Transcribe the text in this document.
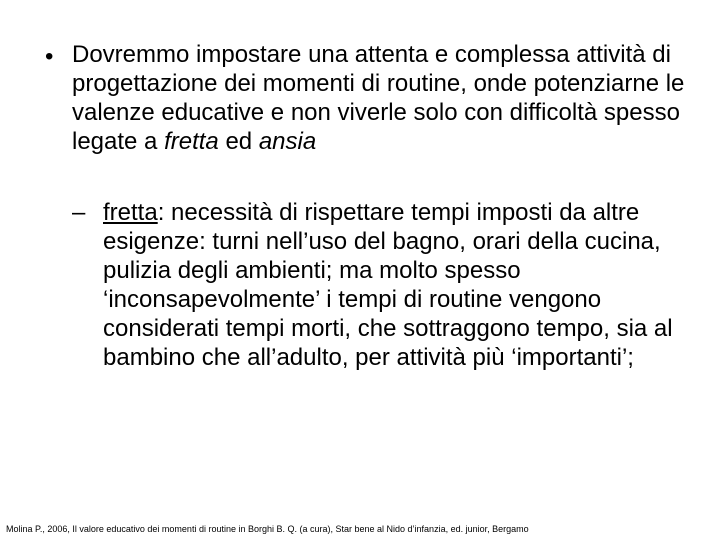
• Dovremmo impostare una attenta e complessa attività di progettazione dei momenti di routine, onde potenziarne le valenze educative e non viverle solo con difficoltà spesso legate a fretta ed ansia
– fretta: necessità di rispettare tempi imposti da altre esigenze: turni nell’uso del bagno, orari della cucina, pulizia degli ambienti; ma molto spesso ‘inconsapevolmente’ i tempi di routine vengono considerati tempi morti, che sottraggono tempo, sia al bambino che all’adulto, per attività più ‘importanti’;
Molina P., 2006, Il valore educativo dei momenti di routine in Borghi B. Q. (a cura), Star bene al Nido d’infanzia, ed. junior, Bergamo
